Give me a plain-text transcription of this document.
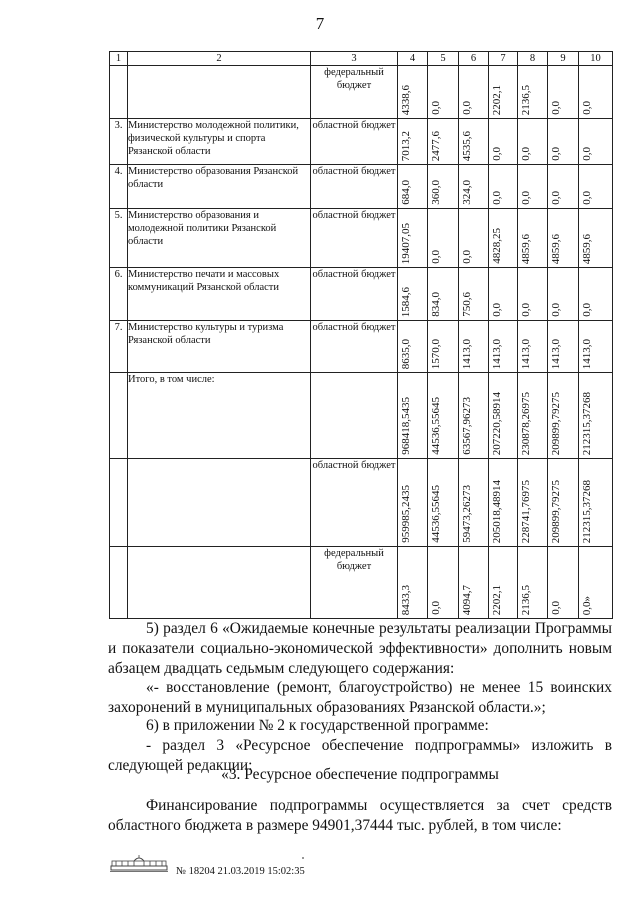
7
1	2	3	4	5	6	7	8	9	10
		федеральный бюджет	4338,6	0,0	0,0	2202,1	2136,5	0,0	0,0

3.	Министерство молодежной политики, физической культуры и спорта Рязанской области	областной бюджет	7013,2	2477,6	4535,6	0,0	0,0	0,0	0,0

4.	Министерство образования Рязанской области	областной бюджет	684,0	360,0	324,0	0,0	0,0	0,0	0,0

5.	Министерство образования и молодежной политики Рязанской области	областной бюджет	19407,05	0,0	0,0	4828,25	4859,6	4859,6	4859,6

6.	Министерство печати и массовых коммуникаций Рязанской области	областной бюджет	1584,6	834,0	750,6	0,0	0,0	0,0	0,0

7.	Министерство культуры и туризма Рязанской области	областной бюджет	8635,0	1570,0	1413,0	1413,0	1413,0	1413,0	1413,0

	Итого, в том числе:		968418,5435	44536,55645	63567,96273	207220,58914	230878,26975	209899,79275	212315,37268

		областной бюджет	959985,2435	44536,55645	59473,26273	205018,48914	228741,76975	209899,79275	212315,37268

		федеральный бюджет	8433,3	0,0	4094,7	2202,1	2136,5	0,0	0,0»
5) раздел 6 «Ожидаемые конечные результаты реализации Программы и показатели социально-экономической эффективности» дополнить новым абзацем двадцать седьмым следующего содержания:
«- восстановление (ремонт, благоустройство) не менее 15 воинских захоронений в муниципальных образованиях Рязанской области.»;
6) в приложении № 2 к государственной программе:
- раздел 3 «Ресурсное обеспечение подпрограммы» изложить в следующей редакции:
«3. Ресурсное обеспечение подпрограммы
Финансирование подпрограммы осуществляется за счет средств областного бюджета в размере 94901,37444 тыс. рублей, в том числе:
№ 18204 21.03.2019 15:02:35
